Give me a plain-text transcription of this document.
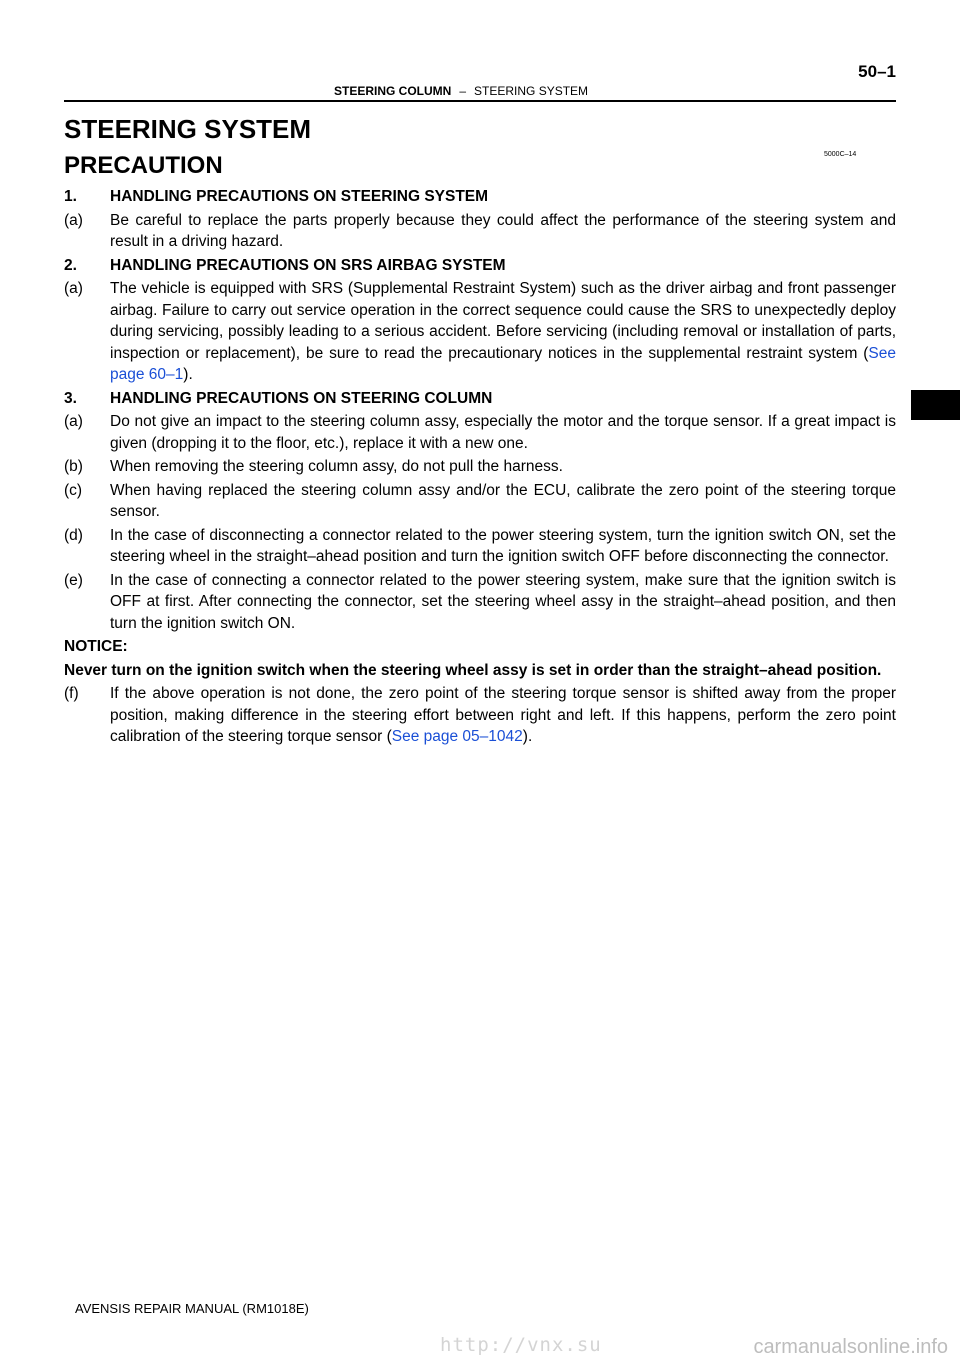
STEERING COLUMN – STEERING SYSTEM
50–1
STEERING SYSTEM
PRECAUTION	5000C–14
1.	HANDLING PRECAUTIONS ON STEERING SYSTEM
(a)	Be careful to replace the parts properly because they could affect the performance of the steering system and result in a driving hazard.
2.	HANDLING PRECAUTIONS ON SRS AIRBAG SYSTEM
(a)	The vehicle is equipped with SRS (Supplemental Restraint System) such as the driver airbag and front passenger airbag. Failure to carry out service operation in the correct sequence could cause the SRS to unexpectedly deploy during servicing, possibly leading to a serious accident. Before servicing (including removal or installation of parts, inspection or replacement), be sure to read the precautionary notices in the supplemental restraint system (See page 60–1).
3.	HANDLING PRECAUTIONS ON STEERING COLUMN
(a)	Do not give an impact to the steering column assy, especially the motor and the torque sensor. If a great impact is given (dropping it to the floor, etc.), replace it with a new one.
(b)	When removing the steering column assy, do not pull the harness.
(c)	When having replaced the steering column assy and/or the ECU, calibrate the zero point of the steering torque sensor.
(d)	In the case of disconnecting a connector related to the power steering system, turn the ignition switch ON, set the steering wheel in the straight–ahead position and turn the ignition switch OFF before disconnecting the connector.
(e)	In the case of connecting a connector related to the power steering system, make sure that the ignition switch is OFF at first. After connecting the connector, set the steering wheel assy in the straight–ahead position, and then turn the ignition switch ON.
NOTICE:
Never turn on the ignition switch when the steering wheel assy is set in order than the straight–ahead position.
(f)	If the above operation is not done, the zero point of the steering torque sensor is shifted away from the proper position, making difference in the steering effort between right and left. If this happens, perform the zero point calibration of the steering torque sensor (See page 05–1042).
AVENSIS REPAIR MANUAL (RM1018E)
http://vnx.su	carmanualsonline.info
